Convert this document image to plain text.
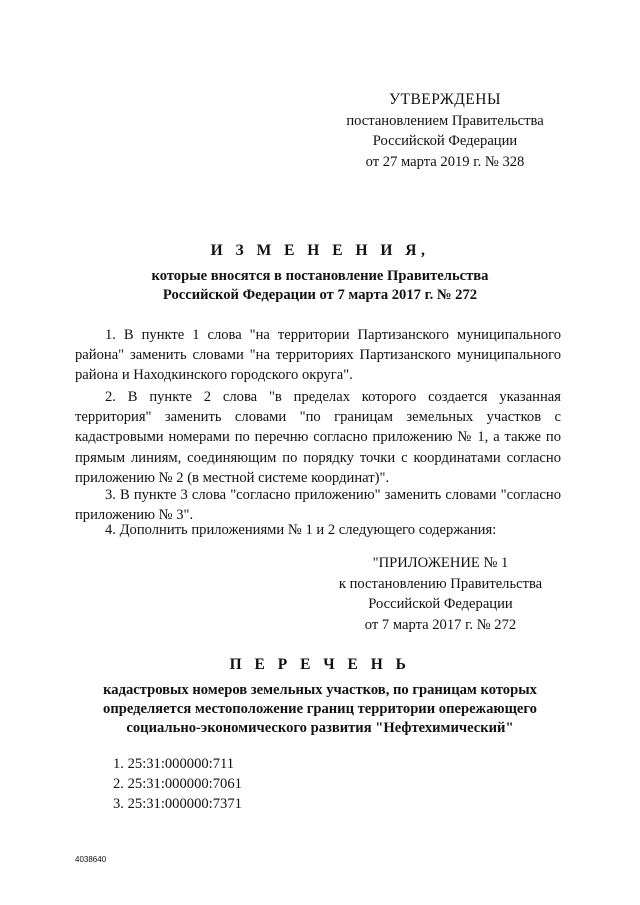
УТВЕРЖДЕНЫ
постановлением Правительства
Российской Федерации
от 27 марта 2019 г. № 328
И З М Е Н Е Н И Я,
которые вносятся в постановление Правительства
Российской Федерации от 7 марта 2017 г. № 272
1. В пункте 1 слова "на территории Партизанского муниципального района" заменить словами "на территориях Партизанского муниципального района и Находкинского городского округа".
2. В пункте 2 слова "в пределах которого создается указанная территория" заменить словами "по границам земельных участков с кадастровыми номерами по перечню согласно приложению № 1, а также по прямым линиям, соединяющим по порядку точки с координатами согласно приложению № 2 (в местной системе координат)".
3. В пункте 3 слова "согласно приложению" заменить словами "согласно приложению № 3".
4. Дополнить приложениями № 1 и 2 следующего содержания:
"ПРИЛОЖЕНИЕ № 1
к постановлению Правительства
Российской Федерации
от 7 марта 2017 г. № 272
П Е Р Е Ч Е Н Ь
кадастровых номеров земельных участков, по границам которых
определяется местоположение границ территории опережающего
социально-экономического развития "Нефтехимический"
1. 25:31:000000:711
2. 25:31:000000:7061
3. 25:31:000000:7371
4038640
